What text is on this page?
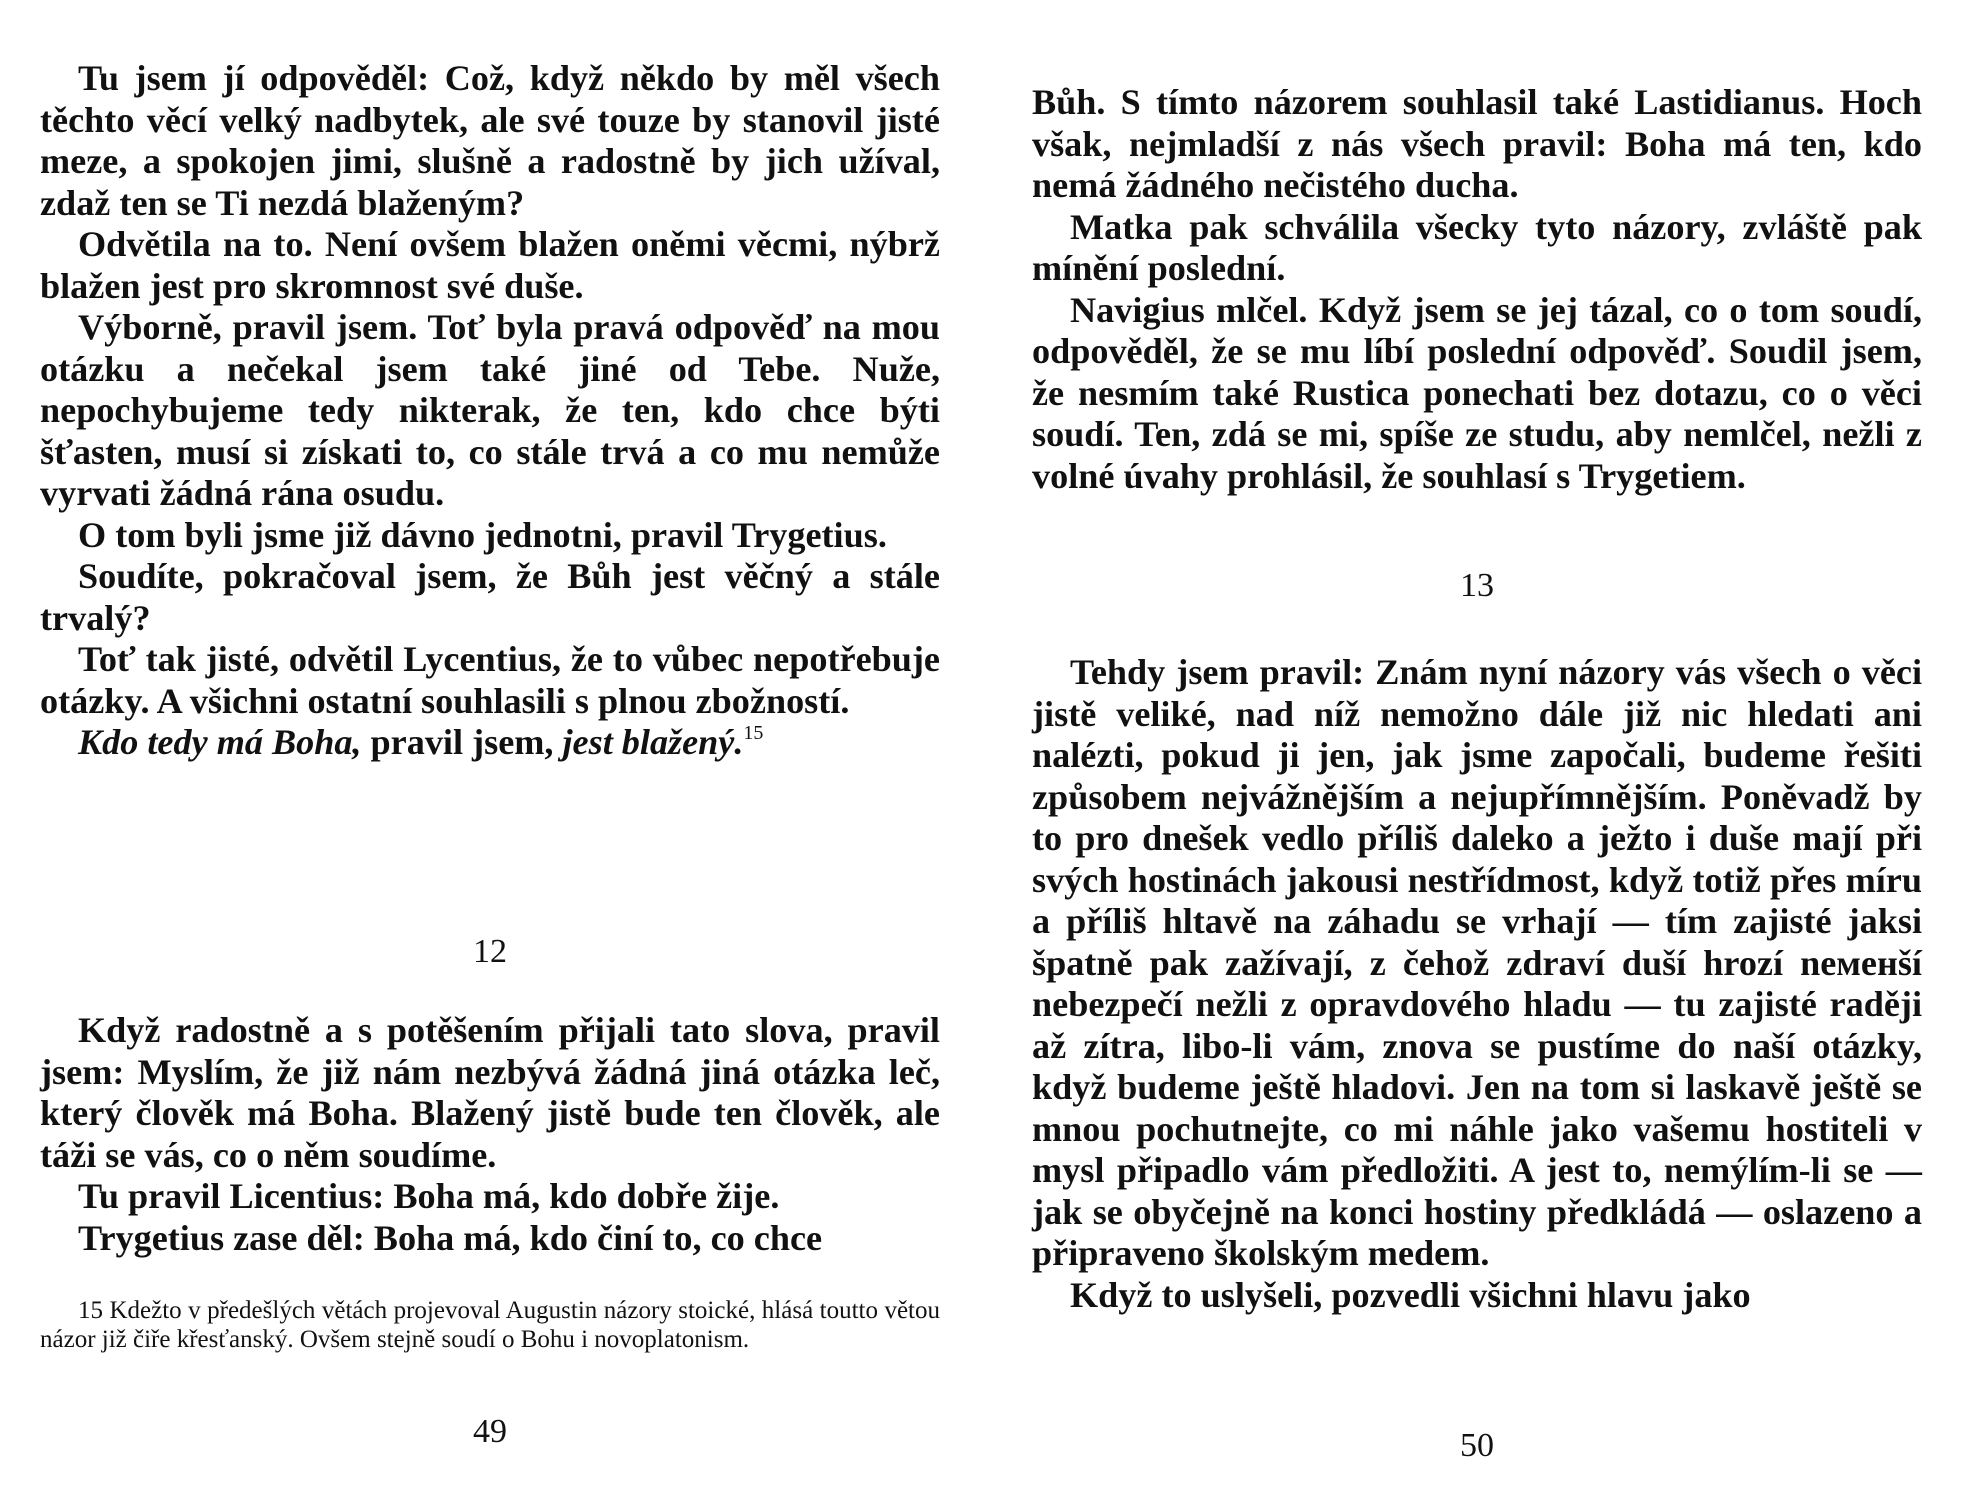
Tu jsem jí odpověděl: Což, když někdo by měl všech těchto věcí velký nadbytek, ale své touze by stanovil jisté meze, a spokojen jimi, slušně a radostně by jich užíval, zdaž ten se Ti nezdá blaženým?

Odvětila na to. Není ovšem blažen oněmi věcmi, nýbrž blažen jest pro skromnost své duše.

Výborně, pravil jsem. Toť byla pravá odpověď na mou otázku a nečekal jsem také jiné od Tebe. Nuže, nepochybujeme tedy nikterak, že ten, kdo chce býti šťasten, musí si získati to, co stále trvá a co mu nemůže vyrvati žádná rána osudu.

O tom byli jsme již dávno jednotni, pravil Trygetius.

Soudíte, pokračoval jsem, že Bůh jest věčný a stále trvalý?

Toť tak jisté, odvětil Lycentius, že to vůbec nepotřebuje otázky. A všichni ostatní souhlasili s plnou zbožností.

Kdo tedy má Boha, pravil jsem, jest blažený.$^{15}$

12

Když radostně a s potěšením přijali tato slova, pravil jsem: Myslím, že již nám nezbývá žádná jiná otázka leč, který člověk má Boha. Blažený jistě bude ten člověk, ale táži se vás, co o něm soudíme.

Tu pravil Licentius: Boha má, kdo dobře žije.

Trygetius zase děl: Boha má, kdo činí to, co chce

15 Kdežto v předešlých větách projevoval Augustin názory stoické, hlásá toutto větou názor již čiře křesťanský. Ovšem stejně soudí o Bohu i novoplatonism.
49

Bůh. S tímto názorem souhlasil také Lastidianus. Hoch však, nejmladší z nás všech pravil: Boha má ten, kdo nemá žádného nečistého ducha.

Matka pak schválila všecky tyto názory, zvláště pak mínění poslední.

Navigius mlčel. Když jsem se jej tázal, co o tom soudí, odpověděl, že se mu líbí poslední odpověď. Soudil jsem, že nesmím také Rustica ponechati bez dotazu, co o věci soudí. Ten, zdá se mi, spíše ze studu, aby nemlčel, nežli z volné úvahy prohlásil, že souhlasí s Trygetiem.

13

Tehdy jsem pravil: Znám nyní názory vás všech o věci jistě veliké, nad níž nemožno dále již nic hledati ani nalézti, pokud ji jen, jak jsme započali, budeme řešiti způsobem nejvážnějším a nejupřímnějším. Poněvadž by to pro dnešek vedlo příliš daleko a ježto i duše mají při svých hostinách jakousi nestřídmost, když totiž přes míru a příliš hltavě na záhadu se vrhají — tím zajisté jaksi špatně pak zažívají, z čehož zdraví duší hrozí neменší nebezpečí nežli z opravdového hladu — tu zajisté raději až zítra, libo-li vám, znova se pustíme do naší otázky, když budeme ještě hladovi. Jen na tom si laskavě ještě se mnou pochutnejte, co mi náhle jako vašemu hostiteli v mysl připadlo vám předložiti. A jest to, nemýlím-li se — jak se obyčejně na konci hostiny předkládá — oslazeno a připraveno školským medem.

Když to uslyšeli, pozvedli všichni hlavu jako

50
